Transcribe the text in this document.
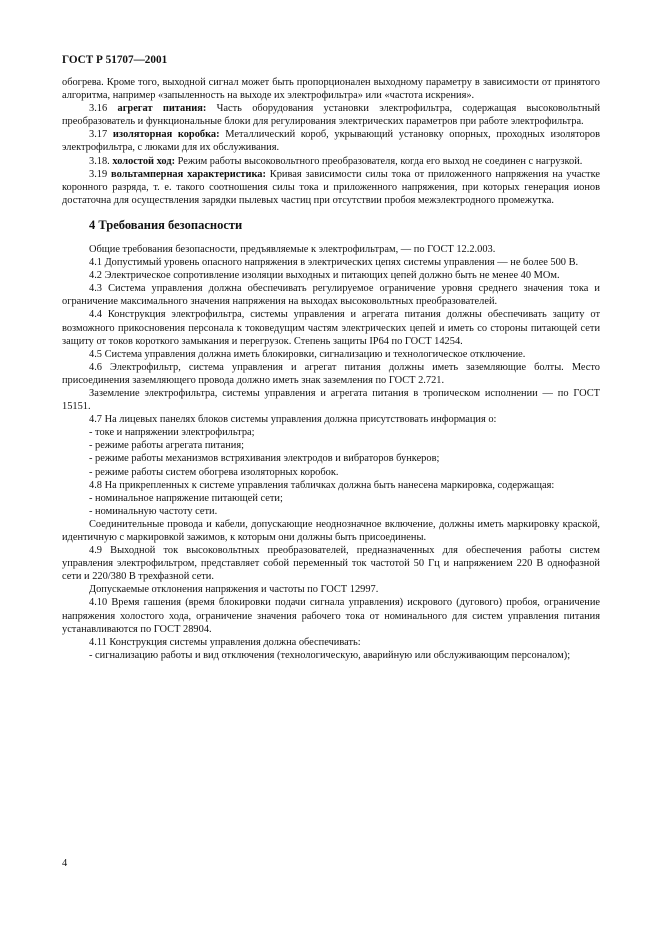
ГОСТ Р 51707—2001

обогрева. Кроме того, выходной сигнал может быть пропорционален выходному параметру в зависимости от принятого алгоритма, например «запыленность на выходе их электрофильтра» или «частота искрения».

3.16 агрегат питания: Часть оборудования установки электрофильтра, содержащая высоковольтный преобразователь и функциональные блоки для регулирования электрических параметров при работе электрофильтра.

3.17 изоляторная коробка: Металлический короб, укрывающий установку опорных, проходных изоляторов электрофильтра, с люками для их обслуживания.

3.18. холостой ход: Режим работы высоковольтного преобразователя, когда его выход не соединен с нагрузкой.

3.19 вольтамперная характеристика: Кривая зависимости силы тока от приложенного напряжения на участке коронного разряда, т. е. такого соотношения силы тока и приложенного напряжения, при которых генерация ионов достаточна для осуществления зарядки пылевых частиц при отсутствии пробоя межэлектродного промежутка.

4 Требования безопасности

Общие требования безопасности, предъявляемые к электрофильтрам, — по ГОСТ 12.2.003.

4.1 Допустимый уровень опасного напряжения в электрических цепях системы управления — не более 500 В.

4.2 Электрическое сопротивление изоляции выходных и питающих цепей должно быть не менее 40 МОм.

4.3 Система управления должна обеспечивать регулируемое ограничение уровня среднего значения тока и ограничение максимального значения напряжения на выходах высоковольтных преобразователей.

4.4 Конструкция электрофильтра, системы управления и агрегата питания должны обеспечивать защиту от возможного прикосновения персонала к токоведущим частям электрических цепей и иметь со стороны питающей сети защиту от токов короткого замыкания и перегрузок. Степень защиты IP64 по ГОСТ 14254.

4.5 Система управления должна иметь блокировки, сигнализацию и технологическое отключение.

4.6 Электрофильтр, система управления и агрегат питания должны иметь заземляющие болты. Место присоединения заземляющего провода должно иметь знак заземления по ГОСТ 2.721.

Заземление электрофильтра, системы управления и агрегата питания в тропическом исполнении — по ГОСТ 15151.

4.7 На лицевых панелях блоков системы управления должна присутствовать информация о:

- токе и напряжении электрофильтра;

- режиме работы агрегата питания;

- режиме работы механизмов встряхивания электродов и вибраторов бункеров;

- режиме работы систем обогрева изоляторных коробок.

4.8 На прикрепленных к системе управления табличках должна быть нанесена маркировка, содержащая:

- номинальное напряжение питающей сети;

- номинальную частоту сети.

Соединительные провода и кабели, допускающие неоднозначное включение, должны иметь маркировку краской, идентичную с маркировкой зажимов, к которым они должны быть присоединены.

4.9 Выходной ток высоковольтных преобразователей, предназначенных для обеспечения работы систем управления электрофильтром, представляет собой переменный ток частотой 50 Гц и напряжением 220 В однофазной сети и 220/380 В трехфазной сети.

Допускаемые отклонения напряжения и частоты по ГОСТ 12997.

4.10 Время гашения (время блокировки подачи сигнала управления) искрового (дугового) пробоя, ограничение напряжения холостого хода, ограничение значения рабочего тока от номинального для систем управления питания устанавливаются по ГОСТ 28904.

4.11 Конструкция системы управления должна обеспечивать:

- сигнализацию работы и вид отключения (технологическую, аварийную или обслуживающим персоналом);

4
